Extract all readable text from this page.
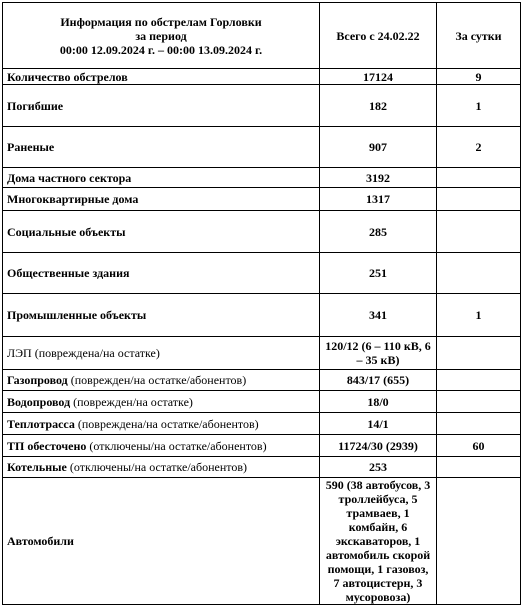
Информация по обстрелам Горловки
за период
00:00 12.09.2024 г. – 00:00 13.09.2024 г.	Всего с 24.02.22	За сутки
Количество обстрелов	17124	9
Погибшие	182	1
Раненые	907	2
Дома частного сектора	3192	
Многоквартирные дома	1317	
Социальные объекты	285	
Общественные здания	251	
Промышленные объекты	341	1
ЛЭП (повреждена/на остатке)	120/12 (6 – 110 кВ, 6 – 35 кВ)	
Газопровод (поврежден/на остатке/абонентов)	843/17 (655)	
Водопровод (поврежден/на остатке)	18/0	
Теплотрасса (повреждена/на остатке/абонентов)	14/1	
ТП обесточено (отключены/на остатке/абонентов)	11724/30 (2939)	60
Котельные (отключены/на остатке/абонентов)	253	
Автомобили	590 (38 автобусов, 3 троллейбуса, 5 трамваев, 1 комбайн, 6 экскаваторов, 1 автомобиль скорой помощи, 1 газовоз, 7 автоцистерн, 3 мусоровоза)	
